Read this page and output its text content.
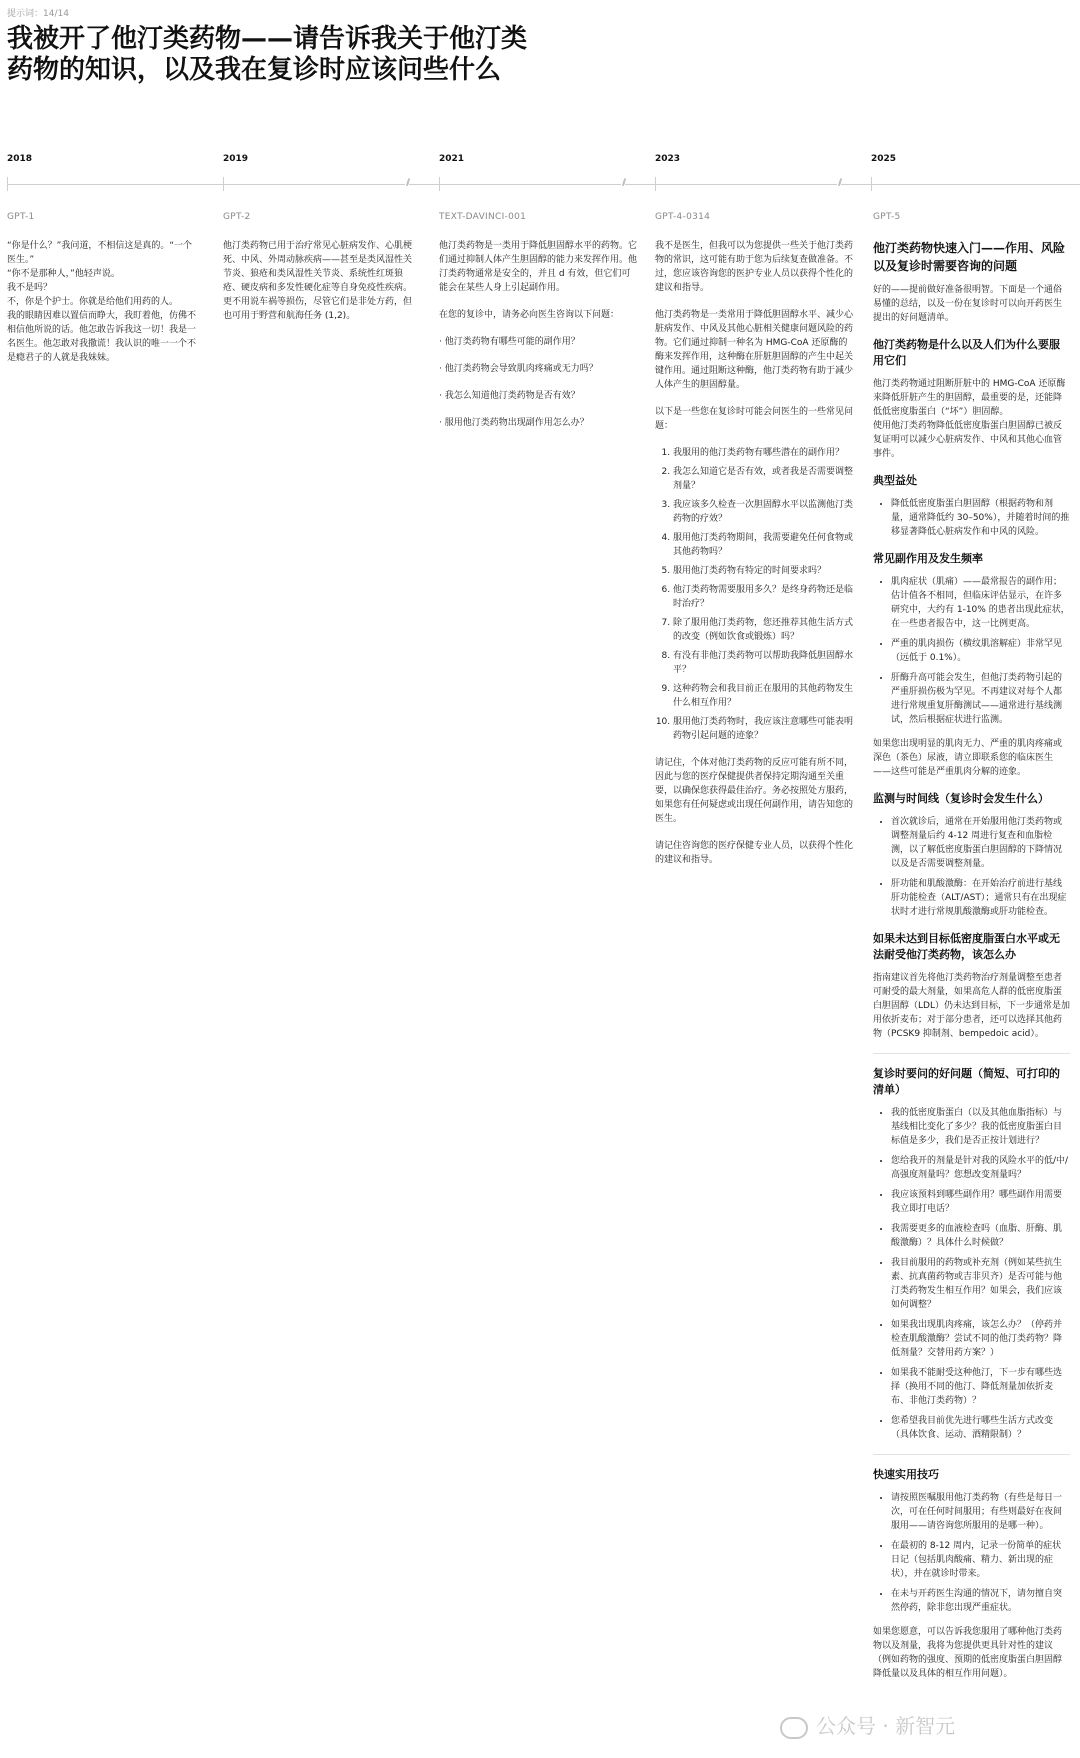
提示词：14/14
我被开了他汀类药物——请告诉我关于他汀类
药物的知识，以及我在复诊时应该问些什么
2018	2019	2021	2023	2025
//	//	//
GPT-1
“你是什么？”我问道，不相信这是真的。“一个
医生。”
“你不是那种人，”他轻声说。
我不是吗？
不，你是个护士。你就是给他们用药的人。
我的眼睛因难以置信而睁大，我盯着他，仿佛不
相信他所说的话。他怎敢告诉我这一切！我是一
名医生。他怎敢对我撒谎！我认识的唯一一个不
是瘾君子的人就是我妹妹。
GPT-2
他汀类药物已用于治疗常见心脏病发作、心肌梗
死、中风、外周动脉疾病——甚至是类风湿性关
节炎、狼疮和类风湿性关节炎、系统性红斑狼
疮、硬皮病和多发性硬化症等自身免疫性疾病。
更不用说车祸等损伤，尽管它们是非处方药，但
也可用于野营和航海任务 (1,2)。
TEXT-DAVINCI-001

他汀类药物是一类用于降低胆固醇水平的药物。它们通过抑制人体产生胆固醇的能力来发挥作用。他汀类药物通常是安全的，并且 d 有效，但它们可能会在某些人身上引起副作用。

在您的复诊中，请务必向医生咨询以下问题：

· 他汀类药物有哪些可能的副作用？

· 他汀类药物会导致肌肉疼痛或无力吗？

· 我怎么知道他汀类药物是否有效？

· 服用他汀类药物出现副作用怎么办？

GPT-4-0314

我不是医生，但我可以为您提供一些关于他汀类药物的常识，这可能有助于您为后续复查做准备。不过，您应该咨询您的医护专业人员以获得个性化的建议和指导。

他汀类药物是一类常用于降低胆固醇水平、减少心脏病发作、中风及其他心脏相关健康问题风险的药物。它们通过抑制一种名为 HMG-CoA 还原酶的酶来发挥作用，这种酶在肝脏胆固醇的产生中起关键作用。通过阻断这种酶，他汀类药物有助于减少人体产生的胆固醇量。

以下是一些您在复诊时可能会问医生的一些常见问题：

1. 我服用的他汀类药物有哪些潜在的副作用？
2. 我怎么知道它是否有效，或者我是否需要调整剂量？
3. 我应该多久检查一次胆固醇水平以监测他汀类药物的疗效？
4. 服用他汀类药物期间，我需要避免任何食物或其他药物吗？
5. 服用他汀类药物有特定的时间要求吗？
6. 他汀类药物需要服用多久？是终身药物还是临时治疗？
7. 除了服用他汀类药物，您还推荐其他生活方式的改变（例如饮食或锻炼）吗？
8. 有没有非他汀类药物可以帮助我降低胆固醇水平？
9. 这种药物会和我目前正在服用的其他药物发生什么相互作用？
10. 服用他汀类药物时，我应该注意哪些可能表明药物引起问题的迹象？

请记住，个体对他汀类药物的反应可能有所不同，因此与您的医疗保健提供者保持定期沟通至关重要，以确保您获得最佳治疗。务必按照处方服药，如果您有任何疑虑或出现任何副作用，请告知您的医生。

请记住咨询您的医疗保健专业人员，以获得个性化的建议和指导。

GPT-5
他汀类药物快速入门——作用、风险以及复诊时需要咨询的问题

好的——提前做好准备很明智。下面是一个通俗易懂的总结，以及一份在复诊时可以向开药医生提出的好问题清单。

他汀类药物是什么以及人们为什么要服用它们

他汀类药物通过阻断肝脏中的 HMG-CoA 还原酶来降低肝脏产生的胆固醇，最重要的是，还能降低低密度脂蛋白（“坏”）胆固醇。

使用他汀类药物降低低密度脂蛋白胆固醇已被反复证明可以减少心脏病发作、中风和其他心血管事件。

典型益处
• 降低低密度脂蛋白胆固醇（根据药物和剂量，通常降低约 30–50%），并随着时间的推移显著降低心脏病发作和中风的风险。
常见副作用及发生频率
• 肌肉症状（肌痛）——最常报告的副作用；估计值各不相同，但临床评估显示，在许多研究中，大约有 1-10% 的患者出现此症状，在一些患者报告中，这一比例更高。
• 严重的肌肉损伤（横纹肌溶解症）非常罕见（远低于 0.1%）。
• 肝酶升高可能会发生，但他汀类药物引起的严重肝损伤极为罕见。不再建议对每个人都进行常规重复肝酶测试——通常进行基线测试，然后根据症状进行监测。

如果您出现明显的肌肉无力、严重的肌肉疼痛或深色（茶色）尿液，请立即联系您的临床医生——这些可能是严重肌肉分解的迹象。

监测与时间线（复诊时会发生什么）
• 首次就诊后，通常在开始服用他汀类药物或调整剂量后约 4-12 周进行复查和血脂检测，以了解低密度脂蛋白胆固醇的下降情况以及是否需要调整剂量。
• 肝功能和肌酸激酶：在开始治疗前进行基线肝功能检查（ALT/AST）；通常只有在出现症状时才进行常规肌酸激酶或肝功能检查。
如果未达到目标低密度脂蛋白水平或无法耐受他汀类药物，该怎么办

指南建议首先将他汀类药物治疗剂量调整至患者可耐受的最大剂量，如果高危人群的低密度脂蛋白胆固醇（LDL）仍未达到目标，下一步通常是加用依折麦布；对于部分患者，还可以选择其他药物（PCSK9 抑制剂、bempedoic acid）。

复诊时要问的好问题（简短、可打印的清单）
• 我的低密度脂蛋白（以及其他血脂指标）与基线相比变化了多少？我的低密度脂蛋白目标值是多少，我们是否正按计划进行？
• 您给我开的剂量是针对我的风险水平的低/中/高强度剂量吗？您想改变剂量吗？
• 我应该预料到哪些副作用？哪些副作用需要我立即打电话？
• 我需要更多的血液检查吗（血脂、肝酶、肌酸激酶）？具体什么时候做？
• 我目前服用的药物或补充剂（例如某些抗生素、抗真菌药物或吉非贝齐）是否可能与他汀类药物发生相互作用？如果会，我们应该如何调整？
• 如果我出现肌肉疼痛，该怎么办？（停药并检查肌酸激酶？尝试不同的他汀类药物？降低剂量？交替用药方案？）
• 如果我不能耐受这种他汀，下一步有哪些选择（换用不同的他汀、降低剂量加依折麦布、非他汀类药物）？
• 您希望我目前优先进行哪些生活方式改变（具体饮食、运动、酒精限制）？
快速实用技巧
• 请按照医嘱服用他汀类药物（有些是每日一次，可在任何时间服用；有些则最好在夜间服用——请咨询您所服用的是哪一种）。
• 在最初的 8-12 周内，记录一份简单的症状日记（包括肌肉酸痛、精力、新出现的症状），并在就诊时带来。
• 在未与开药医生沟通的情况下，请勿擅自突然停药，除非您出现严重症状。

如果您愿意，可以告诉我您服用了哪种他汀类药物以及剂量，我将为您提供更具针对性的建议（例如药物的强度、预期的低密度脂蛋白胆固醇降低量以及具体的相互作用问题）。

公众号 · 新智元
